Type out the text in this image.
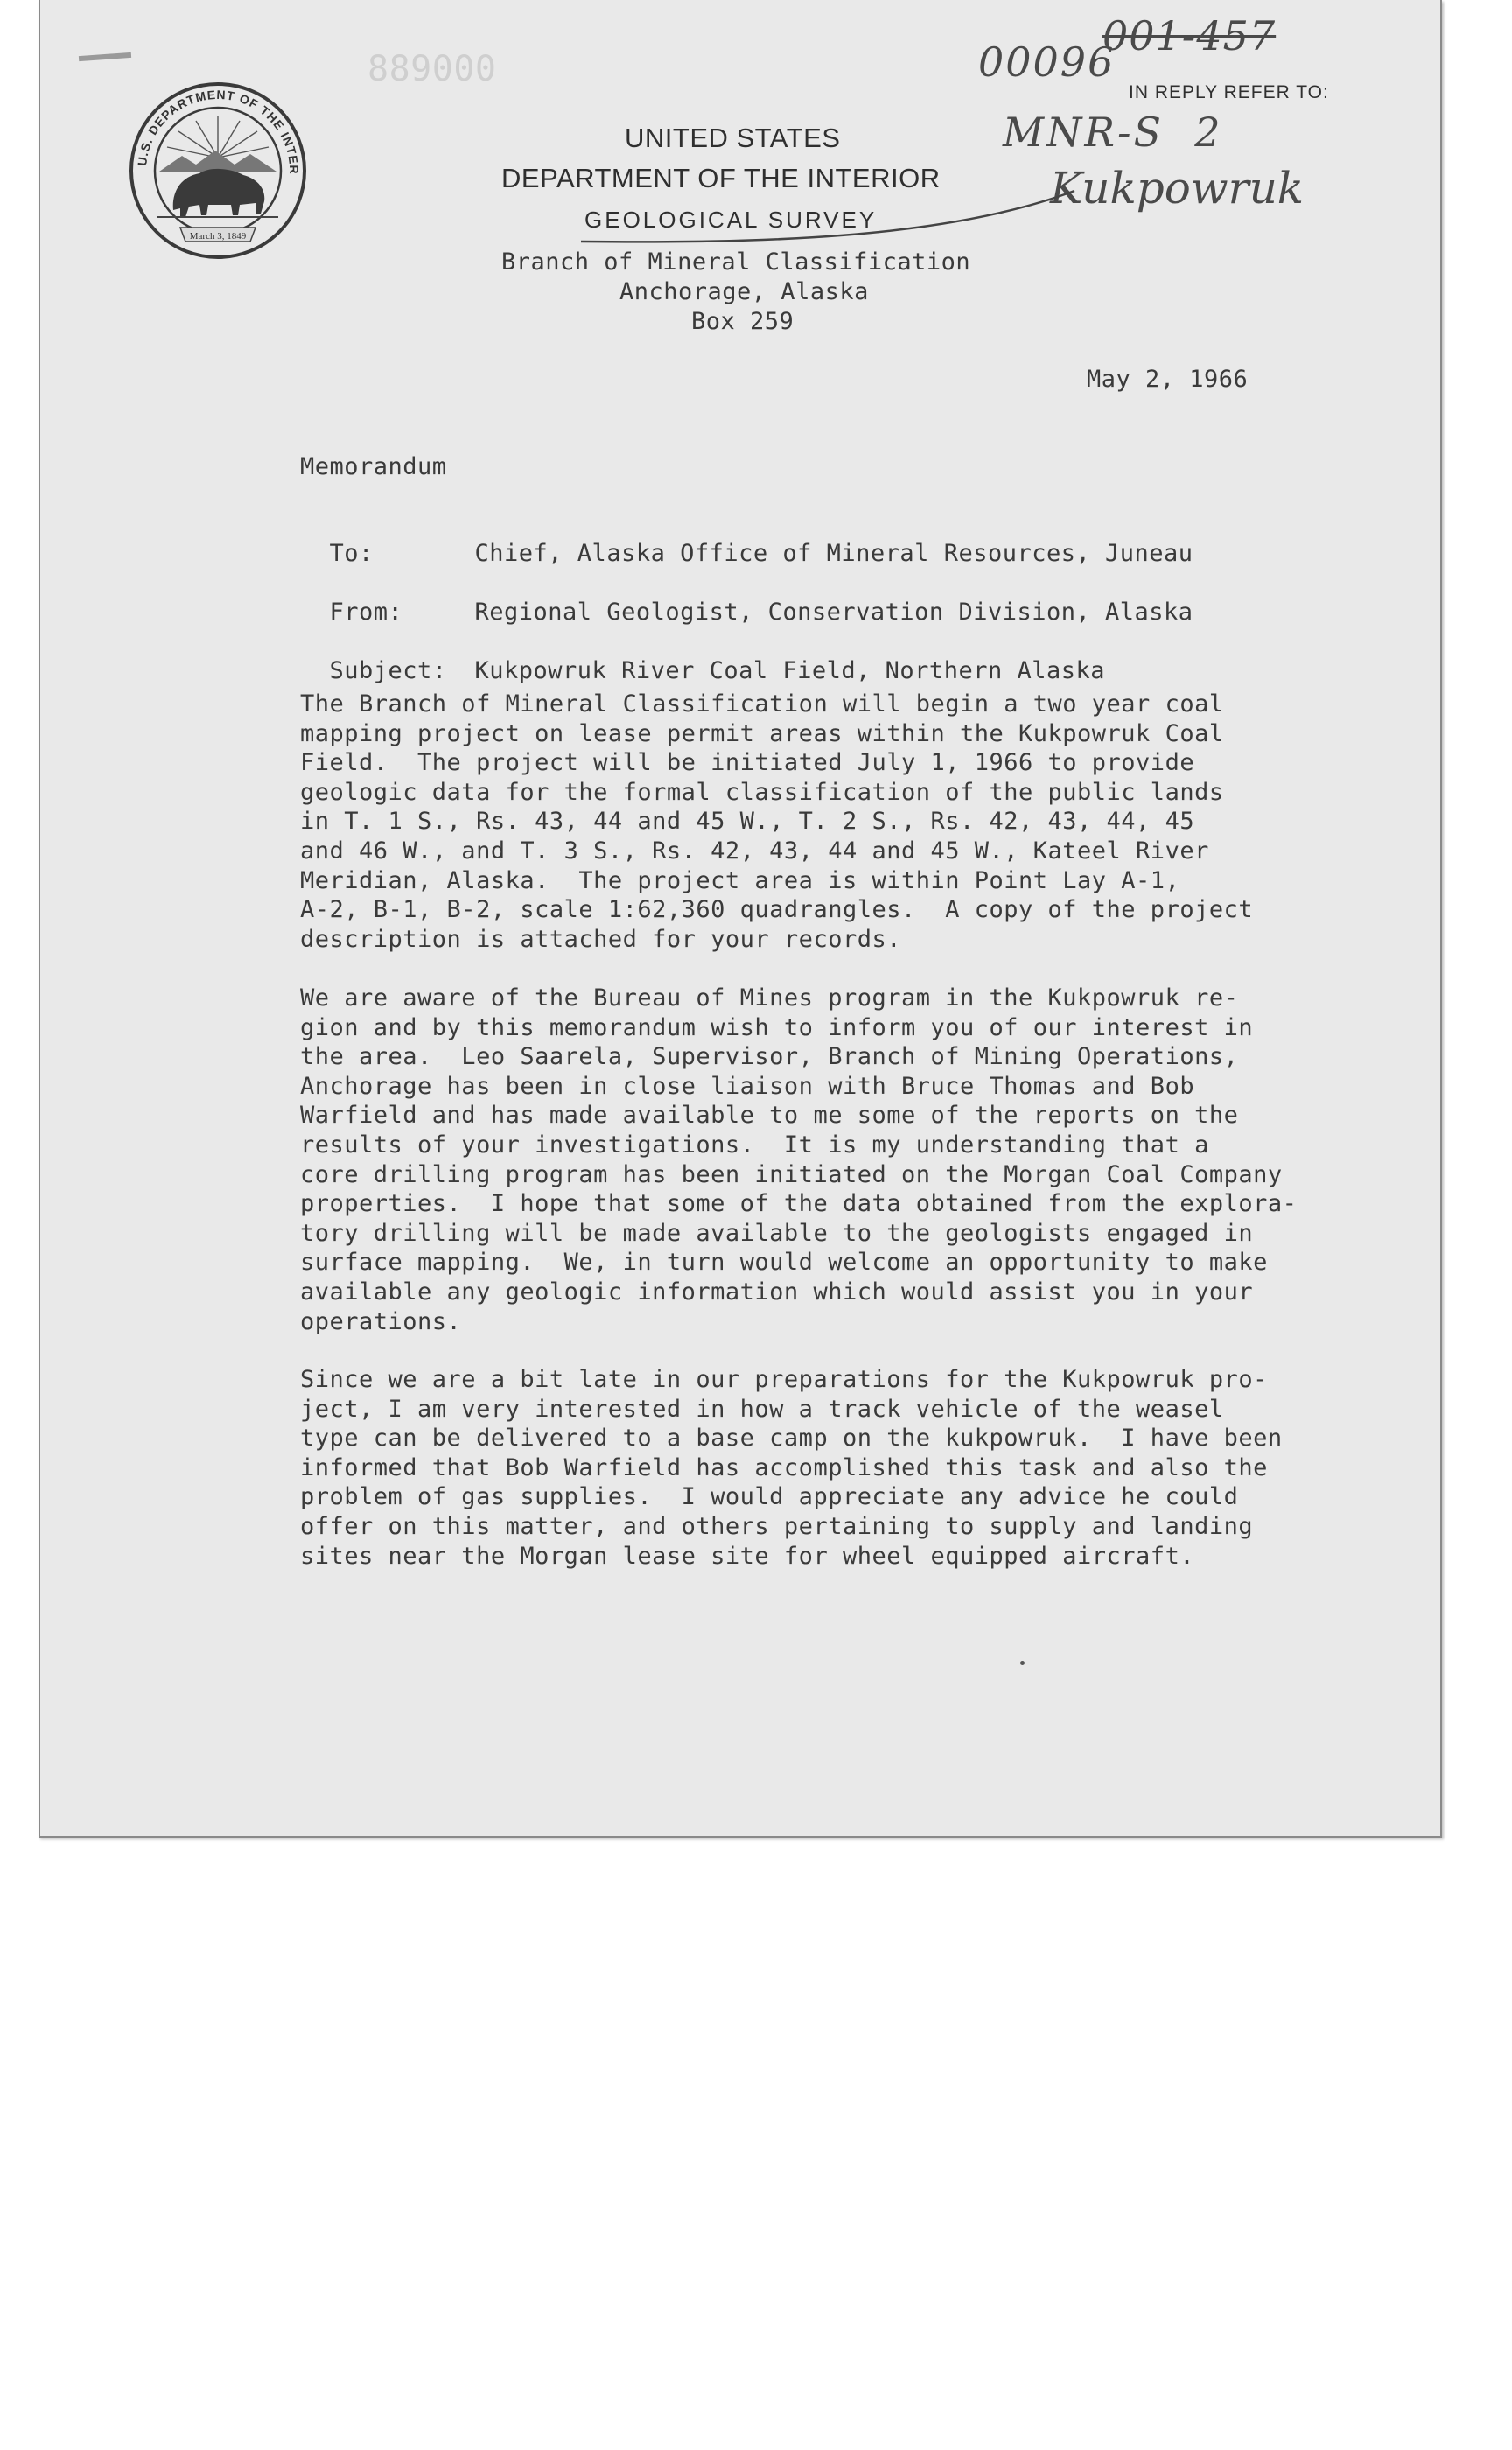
889000
U.S. DEPARTMENT OF THE INTER
March 3, 1849
00096
001-457
IN REPLY REFER TO:
MNR-S  2
Kukpowruk
UNITED STATES
DEPARTMENT OF THE INTERIOR
GEOLOGICAL SURVEY
Branch of Mineral Classification
Anchorage, Alaska
Box 259
May 2, 1966
Memorandum

To:	Chief, Alaska Office of Mineral Resources, Juneau

From:	Regional Geologist, Conservation Division, Alaska

Subject: Kukpowruk River Coal Field, Northern Alaska

The Branch of Mineral Classification will begin a two year coal
mapping project on lease permit areas within the Kukpowruk Coal
Field.  The project will be initiated July 1, 1966 to provide
geologic data for the formal classification of the public lands
in T. 1 S., Rs. 43, 44 and 45 W., T. 2 S., Rs. 42, 43, 44, 45
and 46 W., and T. 3 S., Rs. 42, 43, 44 and 45 W., Kateel River
Meridian, Alaska.  The project area is within Point Lay A-1,
A-2, B-1, B-2, scale 1:62,360 quadrangles.  A copy of the project
description is attached for your records.
We are aware of the Bureau of Mines program in the Kukpowruk re-
gion and by this memorandum wish to inform you of our interest in
the area.  Leo Saarela, Supervisor, Branch of Mining Operations,
Anchorage has been in close liaison with Bruce Thomas and Bob
Warfield and has made available to me some of the reports on the
results of your investigations.  It is my understanding that a
core drilling program has been initiated on the Morgan Coal Company
properties.  I hope that some of the data obtained from the explora-
tory drilling will be made available to the geologists engaged in
surface mapping.  We, in turn would welcome an opportunity to make
available any geologic information which would assist you in your
operations.
Since we are a bit late in our preparations for the Kukpowruk pro-
ject, I am very interested in how a track vehicle of the weasel
type can be delivered to a base camp on the kukpowruk.  I have been
informed that Bob Warfield has accomplished this task and also the
problem of gas supplies.  I would appreciate any advice he could
offer on this matter, and others pertaining to supply and landing
sites near the Morgan lease site for wheel equipped aircraft.
